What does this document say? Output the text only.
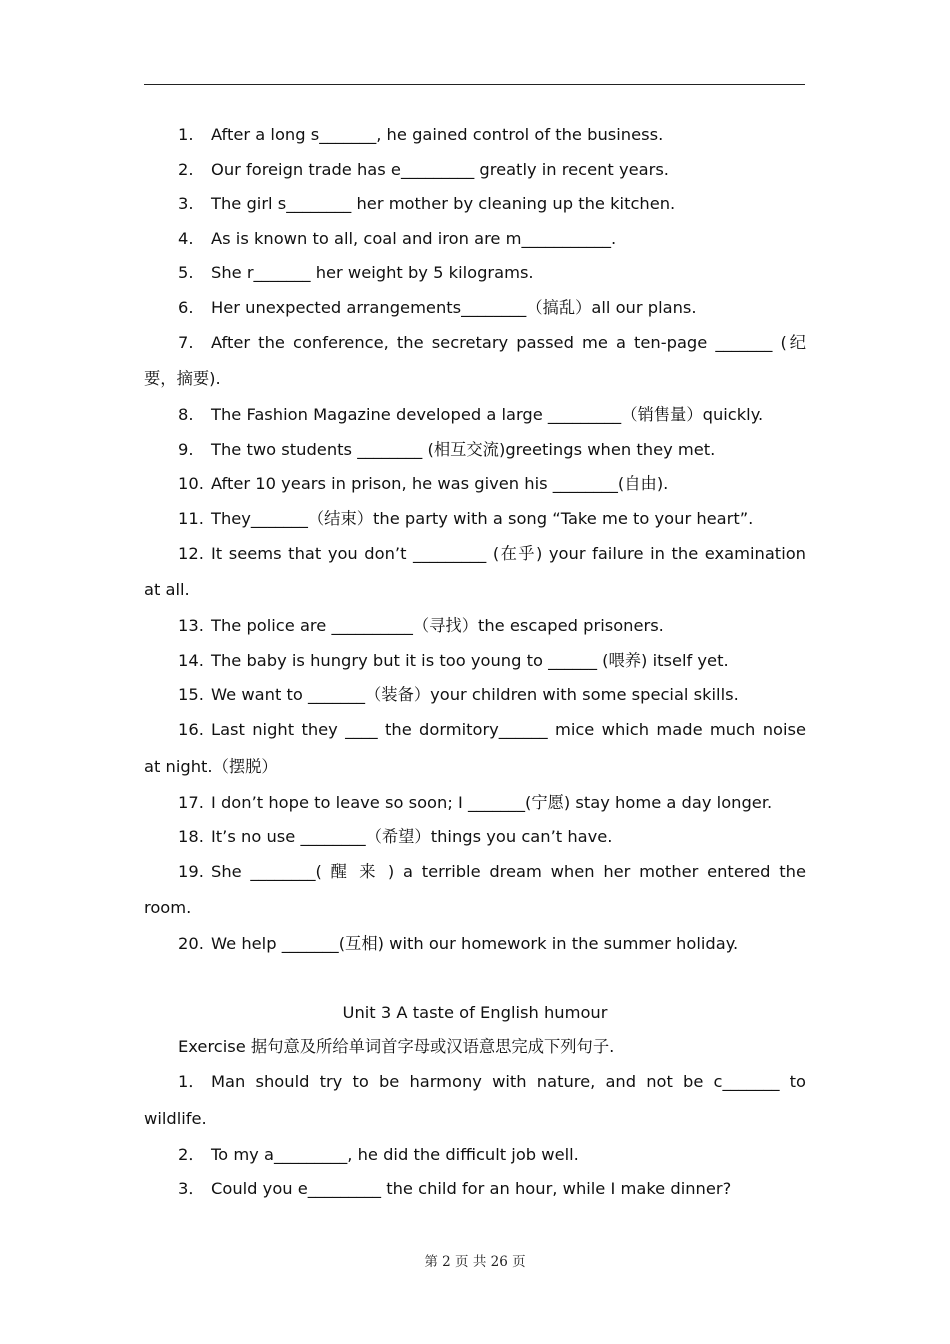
1.	After a long s_______, he gained control of the business.
2.	Our foreign trade has e_________ greatly in recent years.
3.	The girl s________ her mother by cleaning up the kitchen.
4.	As is known to all, coal and iron are m___________.
5.	She r_______ her weight by 5 kilograms.
6.	Her unexpected arrangements________（搞乱）all our plans.
7.	After the conference, the secretary passed me a ten-page _______ (纪
要，摘要).
8.	The Fashion Magazine developed a large _________（销售量）quickly.
9.	The two students ________ (相互交流)greetings when they met.
10. After 10 years in prison, he was given his ________(自由).
11. They_______（结束）the party with a song “Take me to your heart”.
12. It seems that you don’t _________ (在乎) your failure in the examination
at all.
13. The police are __________（寻找）the escaped prisoners.
14. The baby is hungry but it is too young to ______ (喂养) itself yet.
15. We want to _______（装备）your children with some special skills.
16. Last night they ____ the dormitory______ mice which made much noise
at night.（摆脱）
17. I don’t hope to leave so soon; I _______(宁愿) stay home a day longer.
18. It’s no use ________（希望）things you can’t have.
19. She ________( 醒 来 ) a terrible dream when her mother entered the
room.
20. We help _______(互相) with our homework in the summer holiday.
Unit 3 A taste of English humour
Exercise 据句意及所给单词首字母或汉语意思完成下列句子.
1． Man should try to be harmony with nature, and not be c_______ to
wildlife.
2． To my a_________, he did the difficult job well.
3． Could you e_________ the child for an hour, while I make dinner?
第 2 页 共 26 页
